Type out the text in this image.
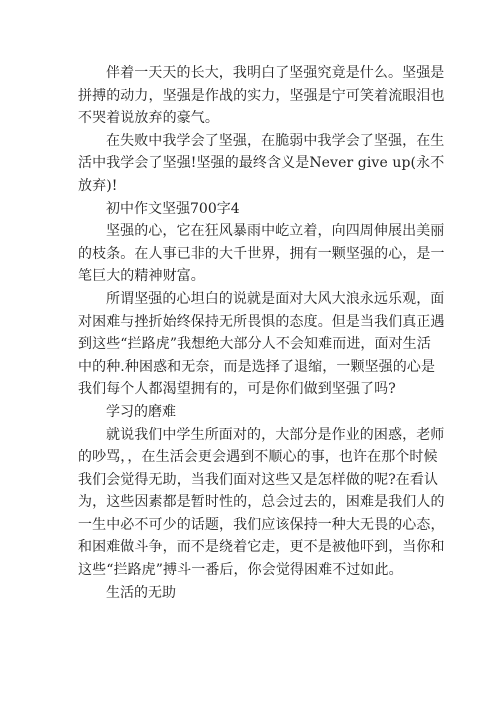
伴着一天天的长大，我明白了坚强究竟是什么。坚强是
拼搏的动力，坚强是作战的实力，坚强是宁可笑着流眼泪也
不哭着说放弃的豪气。
在失败中我学会了坚强，在脆弱中我学会了坚强，在生
活中我学会了坚强!坚强的最终含义是Never give up(永不
放弃)!
初中作文坚强700字4
坚强的心，它在狂风暴雨中屹立着，向四周伸展出美丽
的枝条。在人事已非的大千世界，拥有一颗坚强的心，是一
笔巨大的精神财富。
所谓坚强的心坦白的说就是面对大风大浪永远乐观，面
对困难与挫折始终保持无所畏惧的态度。但是当我们真正遇
到这些“拦路虎”我想绝大部分人不会知难而进，面对生活
中的种.种困惑和无奈，而是选择了退缩，一颗坚强的心是
我们每个人都渴望拥有的，可是你们做到坚强了吗?
学习的磨难
就说我们中学生所面对的，大部分是作业的困惑，老师
的吵骂，，在生活会更会遇到不顺心的事，也许在那个时候
我们会觉得无助，当我们面对这些又是怎样做的呢?在看认
为，这些因素都是暂时性的，总会过去的，困难是我们人的
一生中必不可少的话题，我们应该保持一种大无畏的心态，
和困难做斗争，而不是绕着它走，更不是被他吓到，当你和
这些“拦路虎”搏斗一番后，你会觉得困难不过如此。
生活的无助
